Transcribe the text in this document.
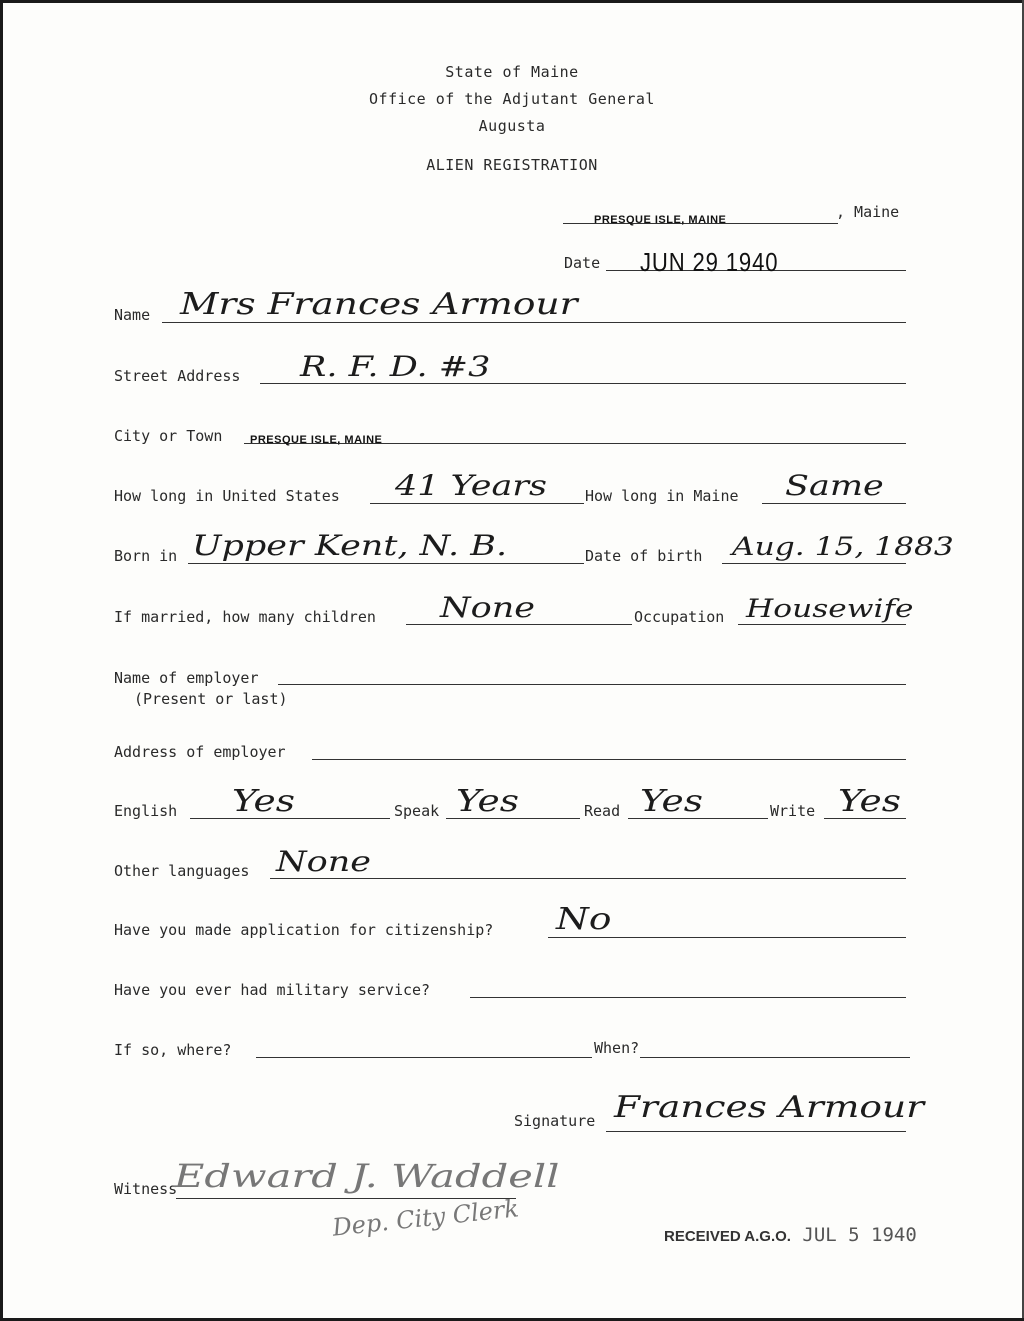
State of Maine
Office of the Adjutant General
Augusta
ALIEN REGISTRATION
PRESQUE ISLE, MAINE	, Maine
Date JUN 29 1940
Name Mrs Frances Armour
Street Address R. F. D. #3
City or Town	PRESQUE ISLE, MAINE
How long in United States 41 Years	How long in Maine Same
Born in Upper Kent, N. B.	Date of birth Aug. 15, 1883
If married, how many children None	Occupation Housewife
Name of employer
(Present or last)
Address of employer
English Yes	Speak Yes	Read Yes	Write Yes
Other languages None
Have you made application for citizenship? No
Have you ever had military service?
If so, where?	When?
Signature Frances Armour
Witness
Edward J. Waddell
Dep. City Clerk	RECEIVED A.G.O. JUL 5 1940
